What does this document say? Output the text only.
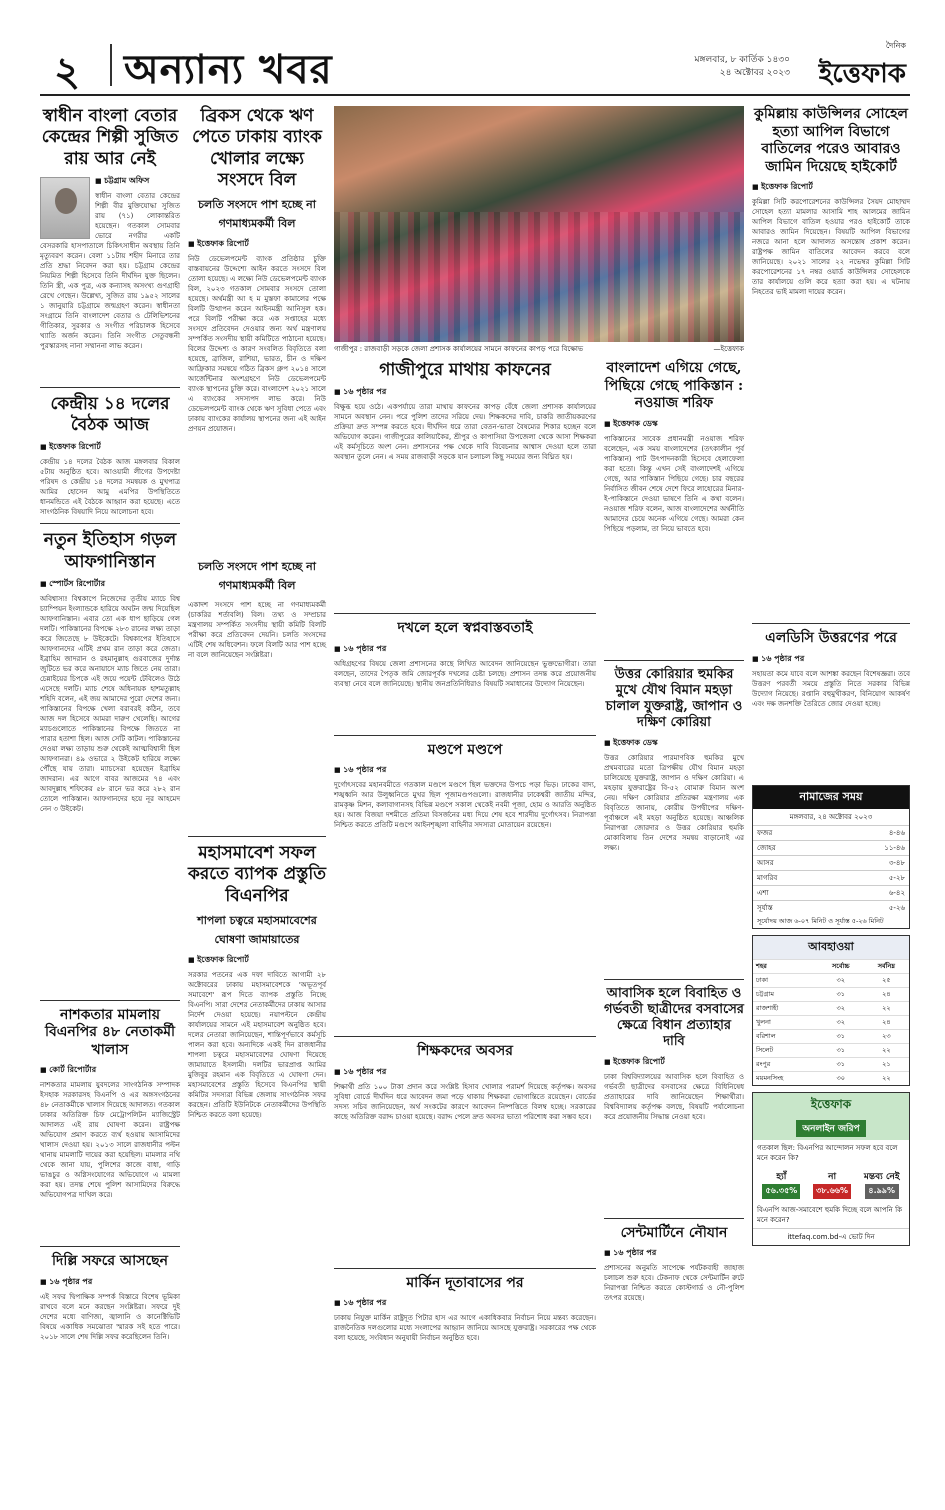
২ অন্যান্য খবর	মঙ্গলবার, ৮ কার্তিক ১৪৩০
২৪ অক্টোবর ২০২৩
দৈনিক
ইত্তেফাক
স্বাধীন বাংলা বেতার কেন্দ্রের শিল্পী সুজিত রায় আর নেই
■ চট্টগ্রাম অফিস
স্বাধীন বাংলা বেতার কেন্দ্রের শিল্পী বীর মুক্তিযোদ্ধা সুজিত রায় (৭১) লোকান্তরিত হয়েছেন। গতকাল সোমবার ভোরে নগরীর একটি বেসরকারি হাসপাতালে চিকিৎসাধীন অবস্থায় তিনি মৃত্যুবরণ করেন। বেলা ১১টায় শহীদ মিনারে তার প্রতি শ্রদ্ধা নিবেদন করা হয়। চট্টগ্রাম কেন্দ্রের নিয়মিত শিল্পী হিসেবে তিনি দীর্ঘদিন যুক্ত ছিলেন। তিনি স্ত্রী, এক পুত্র, এক কন্যাসহ অসংখ্য গুণগ্রাহী রেখে গেছেন। উল্লেখ্য, সুজিত রায় ১৯৫২ সালের ১ জানুয়ারি চট্টগ্রামে জন্মগ্রহণ করেন। স্বাধীনতা সংগ্রামে তিনি বাংলাদেশ বেতার ও টেলিভিশনের গীতিকার, সুরকার ও সংগীত পরিচালক হিসেবে খ্যাতি অর্জন করেন। তিনি সংগীত সেতুবন্ধনী পুরস্কারসহ নানা সম্মাননা লাভ করেন।
কেন্দ্রীয় ১৪ দলের বৈঠক আজ
■ ইত্তেফাক রিপোর্ট
কেন্দ্রীয় ১৪ দলের বৈঠক আজ মঙ্গলবার বিকাল ৫টায় অনুষ্ঠিত হবে। আওয়ামী লীগের উপদেষ্টা পরিষদ ও কেন্দ্রীয় ১৪ দলের সমন্বয়ক ও মুখপাত্র আমির হোসেন আমু এমপির উপস্থিতিতে ধানমন্ডিতে এই বৈঠকে আহ্বান করা হয়েছে। এতে সাংগঠনিক বিষয়াদি নিয়ে আলোচনা হবে।
নতুন ইতিহাস গড়ল আফগানিস্তান
■ স্পোর্টস রিপোর্টার
অবিশ্বাস্য! বিশ্বকাপে নিজেদের তৃতীয় ম্যাচে বিশ্ব চ্যাম্পিয়ন ইংল্যান্ডকে হারিয়ে অঘটন জন্ম দিয়েছিল আফগানিস্তান। এবার তো এক ধাপ ছাড়িয়ে গেল দলটি। পাকিস্তানের বিপক্ষে ২৮৩ রানের লক্ষ্য তাড়া করে জিতেছে ৮ উইকেটে। বিশ্বকাপের ইতিহাসে আফগানদের এটিই প্রথম রান তাড়া করে জেতা। ইব্রাহিম জাদরান ও রহমানুল্লাহ গুরবাজের দুর্দান্ত জুটিতে ভর করে অনায়াসে ম্যাচ জিতে নেয় তারা। চেন্নাইয়ের চিপকে এই জয়ে পয়েন্ট টেবিলেও উঠে এসেছে দলটি। ম্যাচ শেষে অধিনায়ক হাশমতুল্লাহ শহিদি বলেন, এই জয় আমাদের পুরো দেশের জন্য। পাকিস্তানের বিপক্ষে খেলা বরাবরই কঠিন, তবে আজ দল হিসেবে আমরা দারুণ খেলেছি। আগের ম্যাচগুলোতে পাকিস্তানের বিপক্ষে জিততে না পারার হতাশা ছিল। আজ সেটি কাটল। পাকিস্তানের দেওয়া লক্ষ্য তাড়ায় শুরু থেকেই আত্মবিশ্বাসী ছিল আফগানরা। ৪৯ ওভারে ২ উইকেট হারিয়ে লক্ষ্যে পৌঁছে যায় তারা। ম্যাচসেরা হয়েছেন ইব্রাহিম জাদরান। এর আগে বাবর আজমের ৭৪ এবং আবদুল্লাহ শফিকের ৫৮ রানে ভর করে ২৮২ রান তোলে পাকিস্তান। আফগানদের হয়ে নূর আহমেদ নেন ৩ উইকেট।
নাশকতার মামলায় বিএনপির ৪৮ নেতাকর্মী খালাস
■ কোর্ট রিপোর্টার
নাশকতার মামলায় যুবদলের সাংগঠনিক সম্পাদক ইসহাক সরকারসহ বিএনপি ও এর অঙ্গসংগঠনের ৪৮ নেতাকর্মীকে খালাস দিয়েছে আদালত। গতকাল ঢাকার অতিরিক্ত চিফ মেট্রোপলিটন ম্যাজিস্ট্রেট আদালত এই রায় ঘোষণা করেন। রাষ্ট্রপক্ষ অভিযোগ প্রমাণ করতে ব্যর্থ হওয়ায় আসামিদের খালাস দেওয়া হয়। ২০১৩ সালে রাজধানীর পল্টন থানায় মামলাটি দায়ের করা হয়েছিল। মামলার নথি থেকে জানা যায়, পুলিশের কাজে বাধা, গাড়ি ভাঙচুর ও অগ্নিসংযোগের অভিযোগে এ মামলা করা হয়। তদন্ত শেষে পুলিশ আসামিদের বিরুদ্ধে অভিযোগপত্র দাখিল করে।
দিল্লি সফরে আসছেন
■ ১৬ পৃষ্ঠার পর
এই সফর দ্বিপাক্ষিক সম্পর্ক বিস্তারে বিশেষ ভূমিকা রাখবে বলে মনে করছেন সংশ্লিষ্টরা। সফরে দুই দেশের মধ্যে বাণিজ্য, জ্বালানি ও কানেক্টিভিটি বিষয়ে একাধিক সমঝোতা স্মারক সই হতে পারে। ২০১৮ সালে শেষ দিল্লি সফর করেছিলেন তিনি।
ব্রিকস থেকে ঋণ পেতে ঢাকায় ব্যাংক খোলার লক্ষ্যে সংসদে বিল
চলতি সংসদে পাশ হচ্ছে না গণমাধ্যমকর্মী বিল
■ ইত্তেফাক রিপোর্ট
নিউ ডেভেলপমেন্ট ব্যাংক প্রতিষ্ঠার চুক্তি বাস্তবায়নের উদ্দেশ্যে আইন করতে সংসদে বিল তোলা হয়েছে। এ লক্ষ্যে নিউ ডেভেলপমেন্ট ব্যাংক বিল, ২০২৩ গতকাল সোমবার সংসদে তোলা হয়েছে। অর্থমন্ত্রী আ হ ম মুস্তফা কামালের পক্ষে বিলটি উত্থাপন করেন আইনমন্ত্রী আনিসুল হক। পরে বিলটি পরীক্ষা করে এক সপ্তাহের মধ্যে সংসদে প্রতিবেদন দেওয়ার জন্য অর্থ মন্ত্রণালয় সম্পর্কিত সংসদীয় স্থায়ী কমিটিতে পাঠানো হয়েছে। বিলের উদ্দেশ্য ও কারণ সংবলিত বিবৃতিতে বলা হয়েছে, ব্রাজিল, রাশিয়া, ভারত, চীন ও দক্ষিণ আফ্রিকার সমন্বয়ে গঠিত ব্রিকস গ্রুপ ২০১৪ সালে আর্জেন্টিনার অংশগ্রহণে নিউ ডেভেলপমেন্ট ব্যাংক স্থাপনের চুক্তি করে। বাংলাদেশ ২০২১ সালে এ ব্যাংকের সদস্যপদ লাভ করে। নিউ ডেভেলপমেন্ট ব্যাংক থেকে ঋণ সুবিধা পেতে এবং ঢাকায় ব্যাংকের কার্যালয় স্থাপনের জন্য এই আইন প্রণয়ন প্রয়োজন।
চলতি সংসদে পাশ হচ্ছে না গণমাধ্যমকর্মী বিল
একাদশ সংসদে পাশ হচ্ছে না গণমাধ্যমকর্মী (চাকরির শর্তাবলি) বিল। তথ্য ও সম্প্রচার মন্ত্রণালয় সম্পর্কিত সংসদীয় স্থায়ী কমিটি বিলটি পরীক্ষা করে প্রতিবেদন দেয়নি। চলতি সংসদের এটিই শেষ অধিবেশন। ফলে বিলটি আর পাশ হচ্ছে না বলে জানিয়েছেন সংশ্লিষ্টরা।
মহাসমাবেশ সফল করতে ব্যাপক প্রস্তুতি বিএনপির
শাপলা চত্বরে মহাসমাবেশের ঘোষণা জামায়াতের
■ ইত্তেফাক রিপোর্ট
সরকার পতনের এক দফা দাবিতে আগামী ২৮ অক্টোবরের ঢাকায় মহাসমাবেশকে 'অভূতপূর্ব সমাবেশে' রূপ দিতে ব্যাপক প্রস্তুতি নিচ্ছে বিএনপি। সারা দেশের নেতাকর্মীদের ঢাকায় আসার নির্দেশ দেওয়া হয়েছে। নয়াপল্টনে কেন্দ্রীয় কার্যালয়ের সামনে এই মহাসমাবেশ অনুষ্ঠিত হবে। দলের নেতারা জানিয়েছেন, শান্তিপূর্ণভাবে কর্মসূচি পালন করা হবে। অন্যদিকে একই দিন রাজধানীর শাপলা চত্বরে মহাসমাবেশের ঘোষণা দিয়েছে জামায়াতে ইসলামী। দলটির ভারপ্রাপ্ত আমির মুজিবুর রহমান এক বিবৃতিতে এ ঘোষণা দেন। মহাসমাবেশের প্রস্তুতি হিসেবে বিএনপির স্থায়ী কমিটির সদস্যরা বিভিন্ন জেলায় সাংগঠনিক সফর করছেন। প্রতিটি ইউনিটকে নেতাকর্মীদের উপস্থিতি নিশ্চিত করতে বলা হয়েছে।
গাজীপুর : রাজবাড়ী সড়কে জেলা প্রশাসক কার্যালয়ের সামনে কাফনের কাপড় পরে বিক্ষোভ	—ইত্তেফাক
গাজীপুরে মাথায় কাফনের
■ ১৬ পৃষ্ঠার পর
বিক্ষুব্ধ হয়ে ওঠে। একপর্যায়ে তারা মাথায় কাফনের কাপড় বেঁধে জেলা প্রশাসক কার্যালয়ের সামনে অবস্থান নেন। পরে পুলিশ তাদের সরিয়ে দেয়। শিক্ষকদের দাবি, চাকরি জাতীয়করণের প্রক্রিয়া দ্রুত সম্পন্ন করতে হবে। দীর্ঘদিন ধরে তারা বেতন-ভাতা বৈষম্যের শিকার হচ্ছেন বলে অভিযোগ করেন। গাজীপুরের কালিয়াকৈর, শ্রীপুর ও কাপাসিয়া উপজেলা থেকে আসা শিক্ষকরা এই কর্মসূচিতে অংশ নেন। প্রশাসনের পক্ষ থেকে দাবি বিবেচনার আশ্বাস দেওয়া হলে তারা অবস্থান তুলে নেন। এ সময় রাজবাড়ী সড়কে যান চলাচল কিছু সময়ের জন্য বিঘ্নিত হয়।
দখলে হলে স্বপ্নবাস্তবতাই
■ ১৬ পৃষ্ঠার পর
অধিগ্রহণের বিষয়ে জেলা প্রশাসনের কাছে লিখিত আবেদন জানিয়েছেন ভুক্তভোগীরা। তারা বলছেন, তাদের পৈতৃক জমি জোরপূর্বক দখলের চেষ্টা চলছে। প্রশাসন তদন্ত করে প্রয়োজনীয় ব্যবস্থা নেবে বলে জানিয়েছে। স্থানীয় জনপ্রতিনিধিরাও বিষয়টি সমাধানের উদ্যোগ নিয়েছেন।
মণ্ডপে মণ্ডপে
■ ১৬ পৃষ্ঠার পর
দুর্গোৎসবের মহানবমীতে গতকাল মণ্ডপে মণ্ডপে ছিল ভক্তদের উপচে পড়া ভিড়। ঢাকের বাদ্য, শঙ্খধ্বনি আর উলুধ্বনিতে মুখর ছিল পূজামণ্ডপগুলো। রাজধানীর ঢাকেশ্বরী জাতীয় মন্দির, রামকৃষ্ণ মিশন, কলাবাগানসহ বিভিন্ন মণ্ডপে সকাল থেকেই নবমী পূজা, হোম ও আরতি অনুষ্ঠিত হয়। আজ বিজয়া দশমীতে প্রতিমা বিসর্জনের মধ্য দিয়ে শেষ হবে শারদীয় দুর্গোৎসব। নিরাপত্তা নিশ্চিত করতে প্রতিটি মণ্ডপে আইনশৃঙ্খলা বাহিনীর সদস্যরা মোতায়েন রয়েছেন।
শিক্ষকদের অবসর
■ ১৬ পৃষ্ঠার পর
শিক্ষার্থী প্রতি ১০০ টাকা প্রদান করে সংশ্লিষ্ট হিসাব খোলার পরামর্শ দিয়েছে কর্তৃপক্ষ। অবসর সুবিধা বোর্ডে দীর্ঘদিন ধরে আবেদন জমা পড়ে থাকায় শিক্ষকরা ভোগান্তিতে রয়েছেন। বোর্ডের সদস্য সচিব জানিয়েছেন, অর্থ সংকটের কারণে আবেদন নিষ্পত্তিতে বিলম্ব হচ্ছে। সরকারের কাছে অতিরিক্ত বরাদ্দ চাওয়া হয়েছে। বরাদ্দ পেলে দ্রুত অবসর ভাতা পরিশোধ করা সম্ভব হবে।
মার্কিন দূতাবাসের পর
■ ১৬ পৃষ্ঠার পর
ঢাকায় নিযুক্ত মার্কিন রাষ্ট্রদূত পিটার হাস এর আগে একাধিকবার নির্বাচন নিয়ে মন্তব্য করেছেন। রাজনৈতিক দলগুলোর মধ্যে সংলাপের আহ্বান জানিয়ে আসছে যুক্তরাষ্ট্র। সরকারের পক্ষ থেকে বলা হয়েছে, সংবিধান অনুযায়ী নির্বাচন অনুষ্ঠিত হবে।
বাংলাদেশ এগিয়ে গেছে, পিছিয়ে গেছে পাকিস্তান : নওয়াজ শরিফ
■ ইত্তেফাক ডেস্ক
পাকিস্তানের সাবেক প্রধানমন্ত্রী নওয়াজ শরিফ বলেছেন, এক সময় বাংলাদেশের (তৎকালীন পূর্ব পাকিস্তান) পাট উৎপাদনকারী হিসেবে হেলাফেলা করা হতো। কিন্তু এখন সেই বাংলাদেশই এগিয়ে গেছে, আর পাকিস্তান পিছিয়ে গেছে। চার বছরের নির্বাসিত জীবন শেষে দেশে ফিরে লাহোরের মিনার-ই-পাকিস্তানে দেওয়া ভাষণে তিনি এ কথা বলেন। নওয়াজ শরিফ বলেন, আজ বাংলাদেশের অর্থনীতি আমাদের চেয়ে অনেক এগিয়ে গেছে। আমরা কেন পিছিয়ে পড়লাম, তা নিয়ে ভাবতে হবে।
উত্তর কোরিয়ার হুমকির মুখে যৌথ বিমান মহড়া চালাল যুক্তরাষ্ট্র, জাপান ও দক্ষিণ কোরিয়া
■ ইত্তেফাক ডেস্ক
উত্তর কোরিয়ার পারমাণবিক হুমকির মুখে প্রথমবারের মতো ত্রিপক্ষীয় যৌথ বিমান মহড়া চালিয়েছে যুক্তরাষ্ট্র, জাপান ও দক্ষিণ কোরিয়া। এ মহড়ায় যুক্তরাষ্ট্রের বি-৫২ বোমারু বিমান অংশ নেয়। দক্ষিণ কোরিয়ার প্রতিরক্ষা মন্ত্রণালয় এক বিবৃতিতে জানায়, কোরীয় উপদ্বীপের দক্ষিণ-পূর্বাঞ্চলে এই মহড়া অনুষ্ঠিত হয়েছে। আঞ্চলিক নিরাপত্তা জোরদার ও উত্তর কোরিয়ার হুমকি মোকাবিলায় তিন দেশের সমন্বয় বাড়ানোই এর লক্ষ্য।
আবাসিক হলে বিবাহিত ও গর্ভবতী ছাত্রীদের বসবাসের ক্ষেত্রে বিধান প্রত্যাহার দাবি
■ ইত্তেফাক রিপোর্ট
ঢাকা বিশ্ববিদ্যালয়ের আবাসিক হলে বিবাহিত ও গর্ভবতী ছাত্রীদের বসবাসের ক্ষেত্রে বিধিনিষেধ প্রত্যাহারের দাবি জানিয়েছেন শিক্ষার্থীরা। বিশ্ববিদ্যালয় কর্তৃপক্ষ বলছে, বিষয়টি পর্যালোচনা করে প্রয়োজনীয় সিদ্ধান্ত নেওয়া হবে।
সেন্টমার্টিনে নৌযান
■ ১৬ পৃষ্ঠার পর
প্রশাসনের অনুমতি সাপেক্ষে পর্যটকবাহী জাহাজ চলাচল শুরু হবে। টেকনাফ থেকে সেন্টমার্টিন রুটে নিরাপত্তা নিশ্চিত করতে কোস্টগার্ড ও নৌ-পুলিশ তৎপর রয়েছে।
কুমিল্লায় কাউন্সিলর সোহেল হত্যা আপিল বিভাগে বাতিলের পরেও আবারও জামিন দিয়েছে হাইকোর্ট
■ ইত্তেফাক রিপোর্ট
কুমিল্লা সিটি করপোরেশনের কাউন্সিলর সৈয়দ মোহাম্মদ সোহেল হত্যা মামলার আসামি শাহ আলমের জামিন আপিল বিভাগে বাতিল হওয়ার পরও হাইকোর্ট তাকে আবারও জামিন দিয়েছেন। বিষয়টি আপিল বিভাগের নজরে আনা হলে আদালত অসন্তোষ প্রকাশ করেন। রাষ্ট্রপক্ষ জামিন বাতিলের আবেদন করবে বলে জানিয়েছে। ২০২১ সালের ২২ নভেম্বর কুমিল্লা সিটি করপোরেশনের ১৭ নম্বর ওয়ার্ড কাউন্সিলর সোহেলকে তার কার্যালয়ে গুলি করে হত্যা করা হয়। এ ঘটনায় নিহতের ভাই মামলা দায়ের করেন।
এলডিসি উত্তরণের পরে
■ ১৬ পৃষ্ঠার পর
সহায়তা কমে যাবে বলে আশঙ্কা করছেন বিশেষজ্ঞরা। তবে উত্তরণ পরবর্তী সময়ে প্রস্তুতি নিতে সরকার বিভিন্ন উদ্যোগ নিয়েছে। রপ্তানি বহুমুখীকরণ, বিনিয়োগ আকর্ষণ এবং দক্ষ জনশক্তি তৈরিতে জোর দেওয়া হচ্ছে।
নামাজের সময়
মঙ্গলবার, ২৪ অক্টোবর ২০২৩
ফজর	৪-৪৬
জোহর	১১-৪৬
আসর	৩-৪৮
মাগরিব	৫-২৮
এশা	৬-৪২
সূর্যাস্ত	৫-২৬
সূর্যোদয় আজ ৬-০৭ মিনিট ও সূর্যাস্ত ৫-২৬ মিনিট
আবহাওয়া
শহর	সর্বোচ্চ	সর্বনিম্ন
ঢাকা	৩২	২৫
চট্টগ্রাম	৩১	২৪
রাজশাহী	৩২	২২
খুলনা	৩২	২৪
বরিশাল	৩১	২৩
সিলেট	৩১	২২
রংপুর	৩১	২১
ময়মনসিংহ	৩০	২২
ইত্তেফাক
অনলাইন জরিপ
গতকাল ছিল: বিএনপির আন্দোলন সফল হবে বলে মনে করেন কি?
হ্যাঁ
৫৬.৩৫%
না
৩৮.৬৬%
মন্তব্য নেই
৪.৯৯%
বিএনপি আজ-সমাবেশে হুমকি দিচ্ছে বলে আপনি কি মনে করেন?
ittefaq.com.bd-এ ভোট দিন
